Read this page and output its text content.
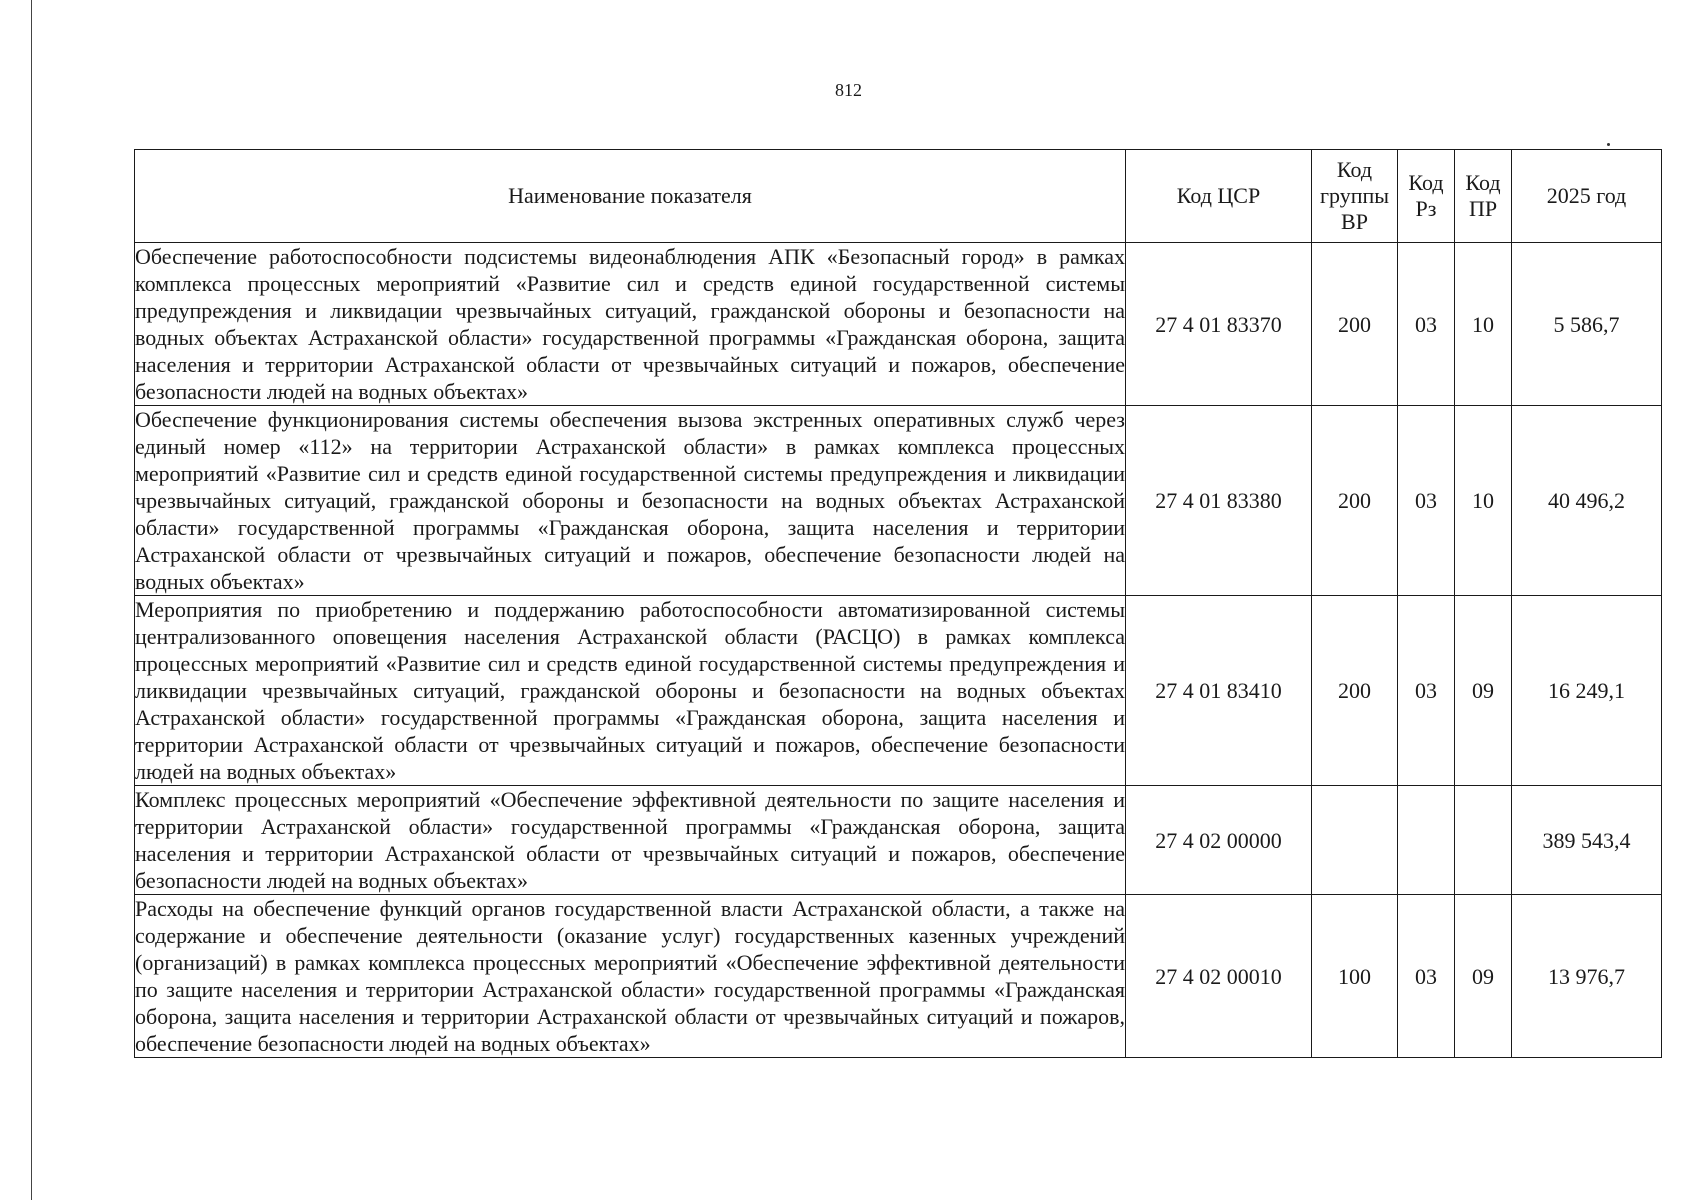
812
Наименование показателя	Код ЦСР	Код группы ВР	Код Рз	Код ПР	2025 год
Обеспечение работоспособности подсистемы видеонаблюдения АПК «Безопасный город» в рамках комплекса процессных мероприятий «Развитие сил и средств единой государственной системы предупреждения и ликвидации чрезвычайных ситуаций, гражданской обороны и безопасности на водных объектах Астраханской области» государственной программы «Гражданская оборона, защита населения и территории Астраханской области от чрезвычайных ситуаций и пожаров, обеспечение безопасности людей на водных объектах»	27 4 01 83370	200	03	10	5 586,7
Обеспечение функционирования системы обеспечения вызова экстренных оперативных служб через единый номер «112» на территории Астраханской области» в рамках комплекса процессных мероприятий «Развитие сил и средств единой государственной системы предупреждения и ликвидации чрезвычайных ситуаций, гражданской обороны и безопасности на водных объектах Астраханской области» государственной программы «Гражданская оборона, защита населения и территории Астраханской области от чрезвычайных ситуаций и пожаров, обеспечение безопасности людей на водных объектах»	27 4 01 83380	200	03	10	40 496,2
Мероприятия по приобретению и поддержанию работоспособности автоматизированной системы централизованного оповещения населения Астраханской области (РАСЦО) в рамках комплекса процессных мероприятий «Развитие сил и средств единой государственной системы предупреждения и ликвидации чрезвычайных ситуаций, гражданской обороны и безопасности на водных объектах Астраханской области» государственной программы «Гражданская оборона, защита населения и территории Астраханской области от чрезвычайных ситуаций и пожаров, обеспечение безопасности людей на водных объектах»	27 4 01 83410	200	03	09	16 249,1
Комплекс процессных мероприятий «Обеспечение эффективной деятельности по защите населения и территории Астраханской области» государственной программы «Гражданская оборона, защита населения и территории Астраханской области от чрезвычайных ситуаций и пожаров, обеспечение безопасности людей на водных объектах»	27 4 02 00000				389 543,4
Расходы на обеспечение функций органов государственной власти Астраханской области, а также на содержание и обеспечение деятельности (оказание услуг) государственных казенных учреждений (организаций) в рамках комплекса процессных мероприятий «Обеспечение эффективной деятельности по защите населения и территории Астраханской области» государственной программы «Гражданская оборона, защита населения и территории Астраханской области от чрезвычайных ситуаций и пожаров, обеспечение безопасности людей на водных объектах»	27 4 02 00010	100	03	09	13 976,7
